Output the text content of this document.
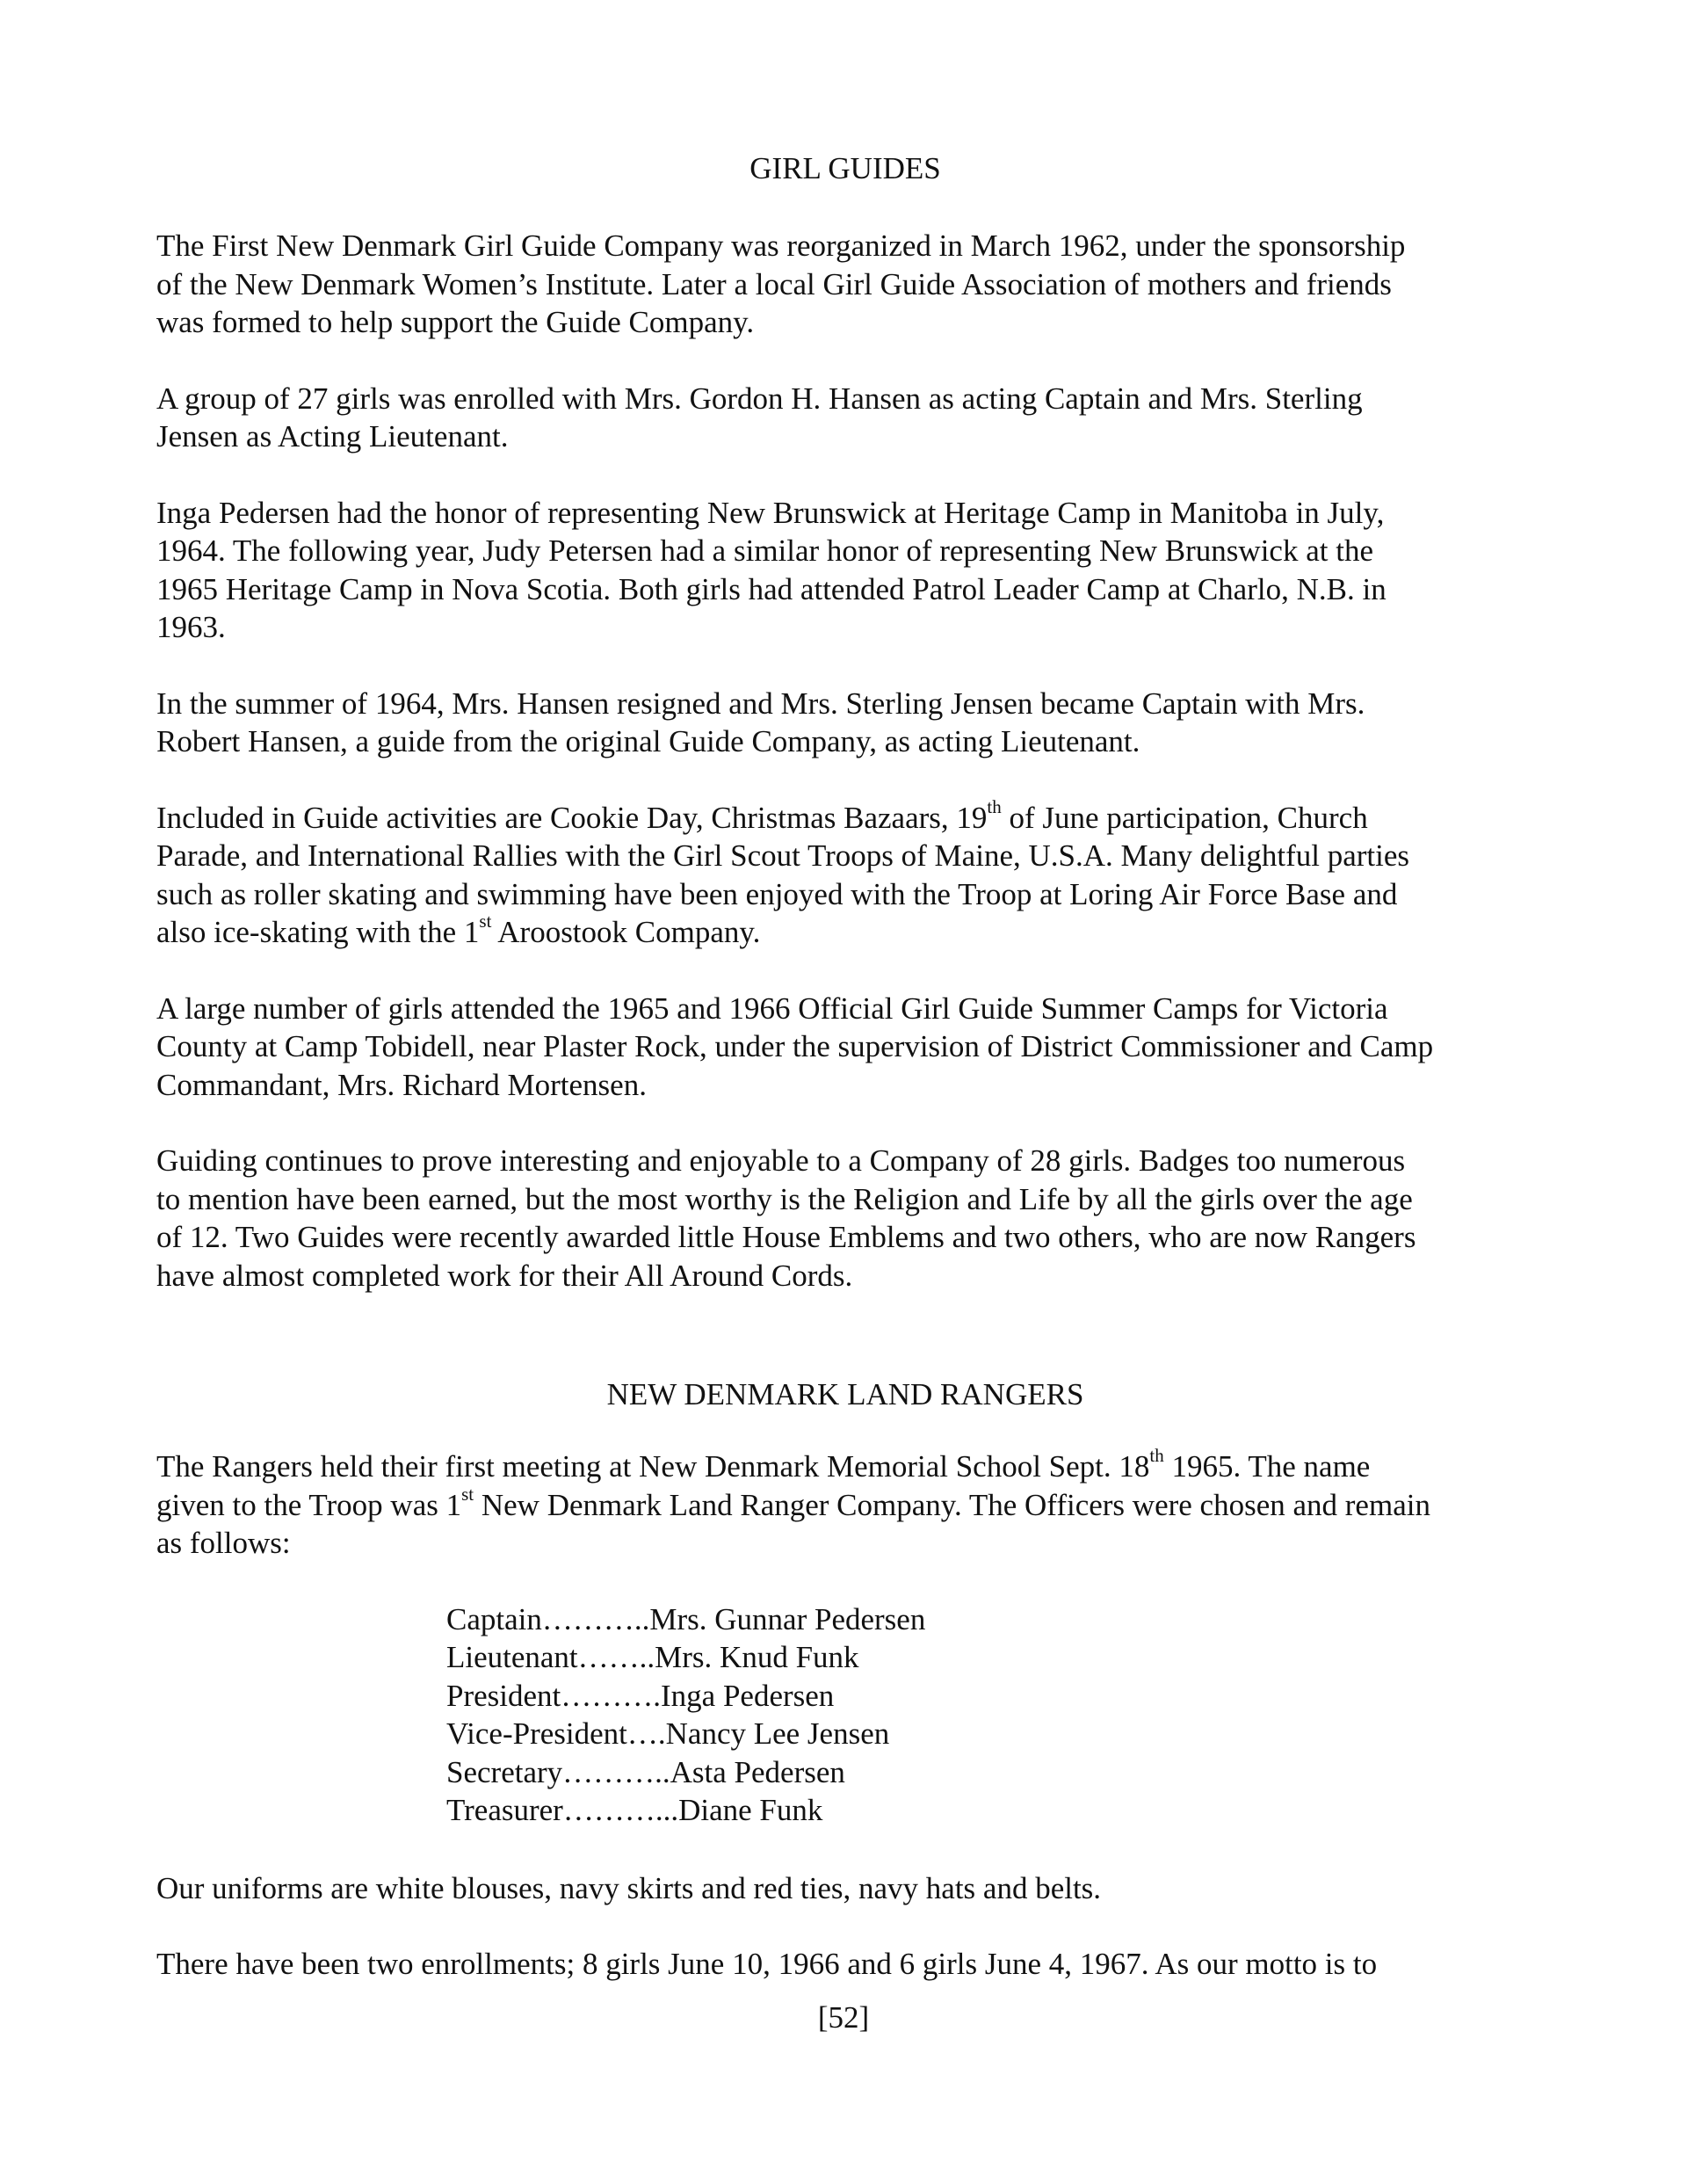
GIRL GUIDES

The First New Denmark Girl Guide Company was reorganized in March 1962, under the sponsorship
of the New Denmark Women’s Institute. Later a local Girl Guide Association of mothers and friends
was formed to help support the Guide Company.

A group of 27 girls was enrolled with Mrs. Gordon H. Hansen as acting Captain and Mrs. Sterling
Jensen as Acting Lieutenant.

Inga Pedersen had the honor of representing New Brunswick at Heritage Camp in Manitoba in July,
1964. The following year, Judy Petersen had a similar honor of representing New Brunswick at the
1965 Heritage Camp in Nova Scotia. Both girls had attended Patrol Leader Camp at Charlo, N.B. in
1963.

In the summer of 1964, Mrs. Hansen resigned and Mrs. Sterling Jensen became Captain with Mrs.
Robert Hansen, a guide from the original Guide Company, as acting Lieutenant.

Included in Guide activities are Cookie Day, Christmas Bazaars, 19th of June participation, Church
Parade, and International Rallies with the Girl Scout Troops of Maine, U.S.A. Many delightful parties
such as roller skating and swimming have been enjoyed with the Troop at Loring Air Force Base and
also ice-skating with the 1st Aroostook Company.

A large number of girls attended the 1965 and 1966 Official Girl Guide Summer Camps for Victoria
County at Camp Tobidell, near Plaster Rock, under the supervision of District Commissioner and Camp
Commandant, Mrs. Richard Mortensen.

Guiding continues to prove interesting and enjoyable to a Company of 28 girls. Badges too numerous
to mention have been earned, but the most worthy is the Religion and Life by all the girls over the age
of 12. Two Guides were recently awarded little House Emblems and two others, who are now Rangers
have almost completed work for their All Around Cords.

NEW DENMARK LAND RANGERS

The Rangers held their first meeting at New Denmark Memorial School Sept. 18th 1965. The name
given to the Troop was 1st New Denmark Land Ranger Company. The Officers were chosen and remain
as follows:

Captain………..Mrs. Gunnar Pedersen
Lieutenant……..Mrs. Knud Funk
President……….Inga Pedersen
Vice-President….Nancy Lee Jensen
Secretary………..Asta Pedersen
Treasurer………...Diane Funk

Our uniforms are white blouses, navy skirts and red ties, navy hats and belts.

There have been two enrollments; 8 girls June 10, 1966 and 6 girls June 4, 1967. As our motto is to

[52]
